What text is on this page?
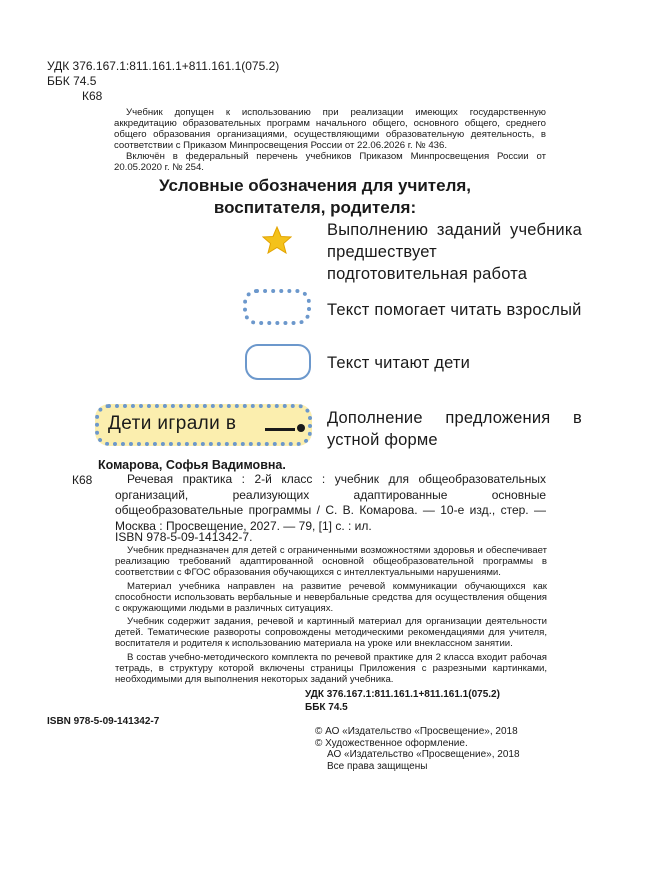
УДК 376.167.1:811.161.1+811.161.1(075.2)
ББК 74.5
К68

Учебник допущен к использованию при реализации имеющих государственную аккредитацию образовательных программ начального общего, основного общего, среднего общего образования организациями, осуществляющими образовательную деятельность, в соответствии с Приказом Минпросвещения России от 22.06.2026 г. № 436.

Включён в федеральный перечень учебников Приказом Минпросвещения России от 20.05.2020 г. № 254.

Условные обозначения для учителя,
воспитателя, родителя:
Выполнению заданий учебника предшествует подготовительная работа
Текст помогает читать взрослый
Текст читают дети
Дети играли в	Дополнение предложения в устной форме
Комарова, Софья Вадимовна.
К68	Речевая практика : 2-й класс : учебник для общеобразовательных организаций, реализующих адаптированные основные общеобразовательные программы / С. В. Комарова. — 10-е изд., стер. — Москва : Просвещение, 2027. — 79, [1] с. : ил.
ISBN 978-5-09-141342-7.

Учебник предназначен для детей с ограниченными возможностями здоровья и обеспечивает реализацию требований адаптированной основной общеобразовательной программы в соответствии с ФГОС образования обучающихся с интеллектуальными нарушениями.

Материал учебника направлен на развитие речевой коммуникации обучающихся как способности использовать вербальные и невербальные средства для осуществления общения с окружающими людьми в различных ситуациях.

Учебник содержит задания, речевой и картинный материал для организации деятельности детей. Тематические развороты сопровождены методическими рекомендациями для учителя, воспитателя и родителя к использованию материала на уроке или внеклассном занятии.

В состав учебно-методического комплекта по речевой практике для 2 класса входит рабочая тетрадь, в структуру которой включены страницы Приложения с разрезными картинками, необходимыми для выполнения некоторых заданий учебника.

УДК 376.167.1:811.161.1+811.161.1(075.2)
ББК 74.5
ISBN 978-5-09-141342-7
© АО «Издательство «Просвещение», 2018
© Художественное оформление.
АО «Издательство «Просвещение», 2018
Все права защищены
